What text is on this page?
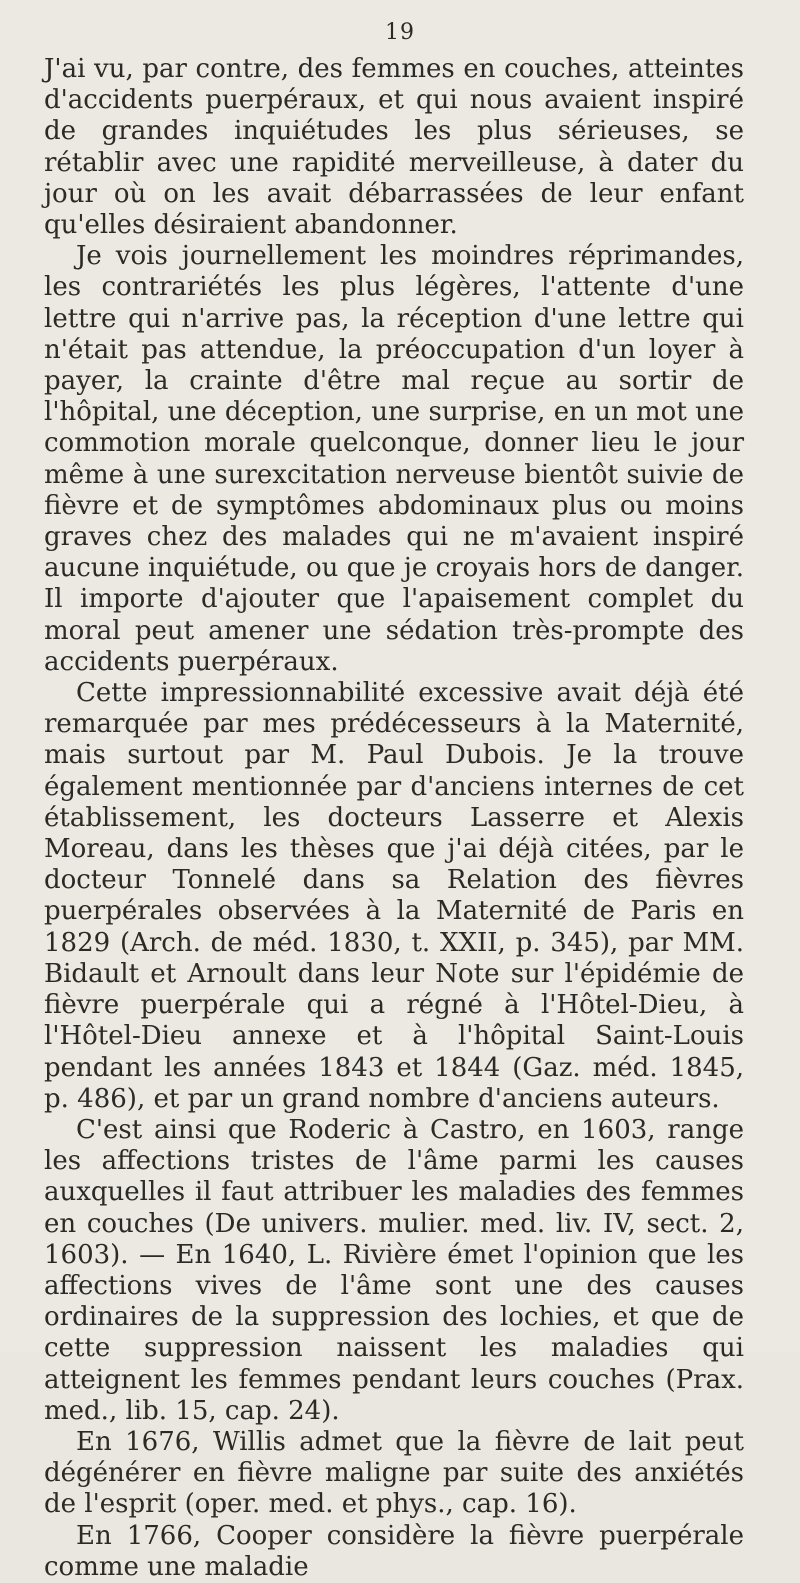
19

J'ai vu, par contre, des femmes en couches, atteintes d'accidents puerpéraux, et qui nous avaient inspiré de grandes inquiétudes les plus sérieuses, se rétablir avec une rapidité merveilleuse, à dater du jour où on les avait débarrassées de leur enfant qu'elles désiraient abandonner.

Je vois journellement les moindres réprimandes, les contrariétés les plus légères, l'attente d'une lettre qui n'arrive pas, la réception d'une lettre qui n'était pas attendue, la préoccupation d'un loyer à payer, la crainte d'être mal reçue au sortir de l'hôpital, une déception, une surprise, en un mot une commotion morale quelconque, donner lieu le jour même à une surexcitation nerveuse bientôt suivie de fièvre et de symptômes abdominaux plus ou moins graves chez des malades qui ne m'avaient inspiré aucune inquiétude, ou que je croyais hors de danger. Il importe d'ajouter que l'apaisement complet du moral peut amener une sédation très-prompte des accidents puerpéraux.

Cette impressionnabilité excessive avait déjà été remarquée par mes prédécesseurs à la Maternité, mais surtout par M. Paul Dubois. Je la trouve également mentionnée par d'anciens internes de cet établissement, les docteurs Lasserre et Alexis Moreau, dans les thèses que j'ai déjà citées, par le docteur Tonnelé dans sa Relation des fièvres puerpérales observées à la Maternité de Paris en 1829 (Arch. de méd. 1830, t. XXII, p. 345), par MM. Bidault et Arnoult dans leur Note sur l'épidémie de fièvre puerpérale qui a régné à l'Hôtel-Dieu, à l'Hôtel-Dieu annexe et à l'hôpital Saint-Louis pendant les années 1843 et 1844 (Gaz. méd. 1845, p. 486), et par un grand nombre d'anciens auteurs.

C'est ainsi que Roderic à Castro, en 1603, range les affections tristes de l'âme parmi les causes auxquelles il faut attribuer les maladies des femmes en couches (De univers. mulier. med. liv. IV, sect. 2, 1603). — En 1640, L. Rivière émet l'opinion que les affections vives de l'âme sont une des causes ordinaires de la suppression des lochies, et que de cette suppression naissent les maladies qui atteignent les femmes pendant leurs couches (Prax. med., lib. 15, cap. 24).

En 1676, Willis admet que la fièvre de lait peut dégénérer en fièvre maligne par suite des anxiétés de l'esprit (oper. med. et phys., cap. 16).

En 1766, Cooper considère la fièvre puerpérale comme une maladie
